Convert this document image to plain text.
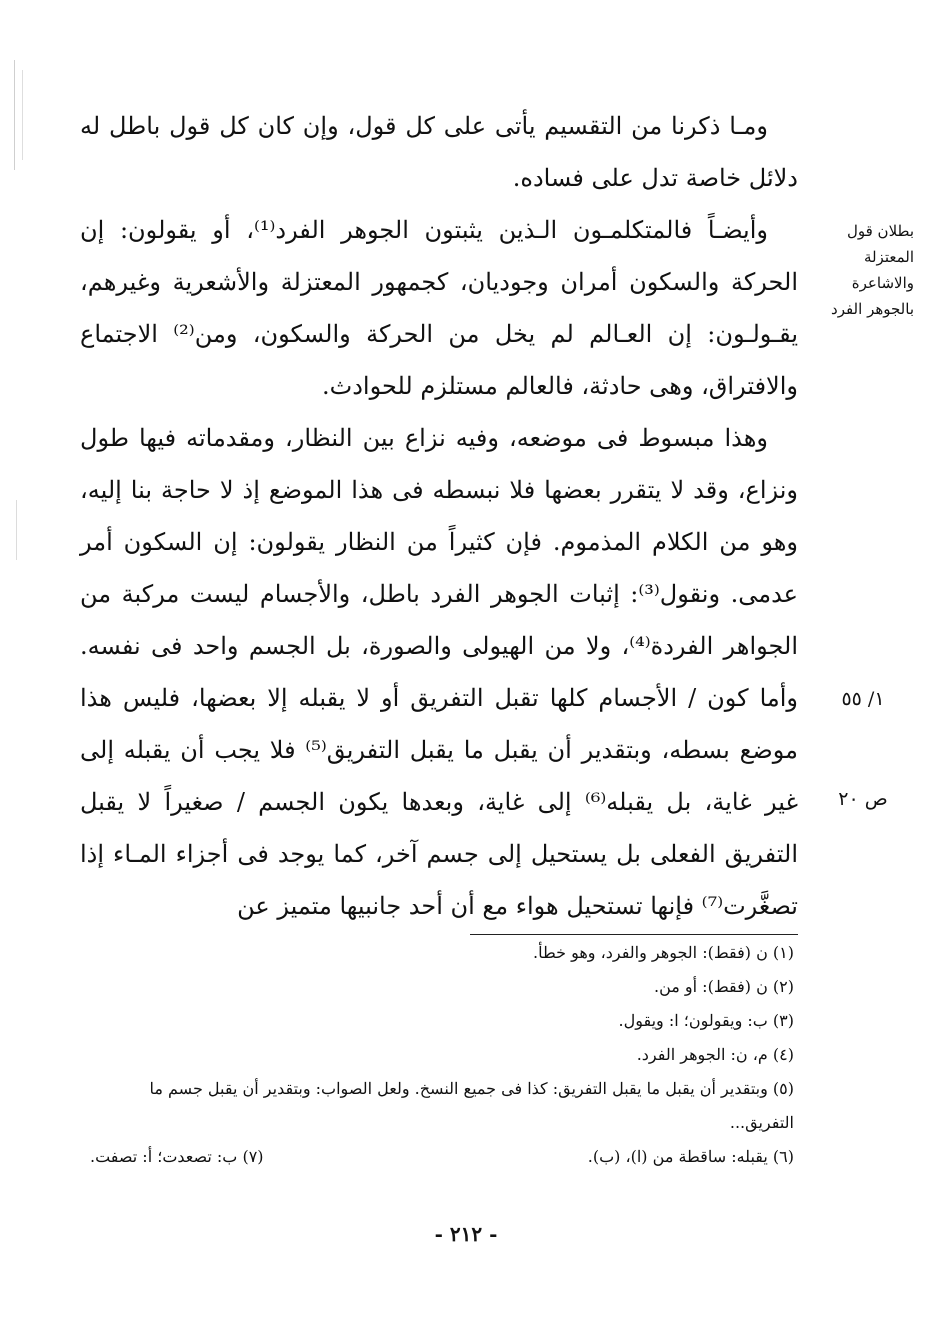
ومـا ذكرنا من التقسيم يأتى على كل قول، وإن كان كل قول باطل له دلائل خاصة تدل على فساده.

وأيضـاً فالمتكلمـون الـذين يثبتون الجوهر الفرد⁽¹⁾، أو يقولون: إن الحركة والسكون أمران وجوديان، كجمهور المعتزلة والأشعرية وغيرهم، يقـولـون: إن العـالم لم يخل من الحركة والسكون، ومن⁽²⁾ الاجتماع والافتراق، وهى حادثة، فالعالم مستلزم للحوادث.

وهذا مبسوط فى موضعه، وفيه نزاع بين النظار، ومقدماته فيها طول ونزاع، وقد لا يتقرر بعضها فلا نبسطه فى هذا الموضع إذ لا حاجة بنا إليه، وهو من الكلام المذموم. فإن كثيراً من النظار يقولون: إن السكون أمر عدمى. ونقول⁽³⁾: إثبات الجوهر الفرد باطل، والأجسام ليست مركبة من الجواهر الفردة⁽⁴⁾، ولا من الهيولى والصورة، بل الجسم واحد فى نفسه. وأما كون / الأجسام كلها تقبل التفريق أو لا يقبله إلا بعضها، فليس هذا موضع بسطه، وبتقدير أن يقبل ما يقبل التفريق⁽⁵⁾ فلا يجب أن يقبله إلى غير غاية، بل يقبله⁽⁶⁾ إلى غاية، وبعدها يكون الجسم / صغيراً لا يقبل التفريق الفعلى بل يستحيل إلى جسم آخر، كما يوجد فى أجزاء المـاء إذا تصغَّرت⁽⁷⁾ فإنها تستحيل هواء مع أن أحد جانبيها متميز عن

بطلان قول المعتزلة والاشاعرة بالجوهر الفرد
١/ ٥٥
ص ٢٠

(١) ن (فقط): الجوهر والفرد، وهو خطأ.

(٢) ن (فقط): أو من.

(٣) ب: ويقولون؛ ا: ويقول.

(٤) م، ن: الجوهر الفرد.

(٥) وبتقدير أن يقبل ما يقبل التفريق: كذا فى جميع النسخ. ولعل الصواب: وبتقدير أن يقبل جسم ما التفريق...

(٦) يقبله: ساقطة من (ا)، (ب).
(٧) ب: تصعدت؛ أ: تصفت.
- ٢١٢ -
